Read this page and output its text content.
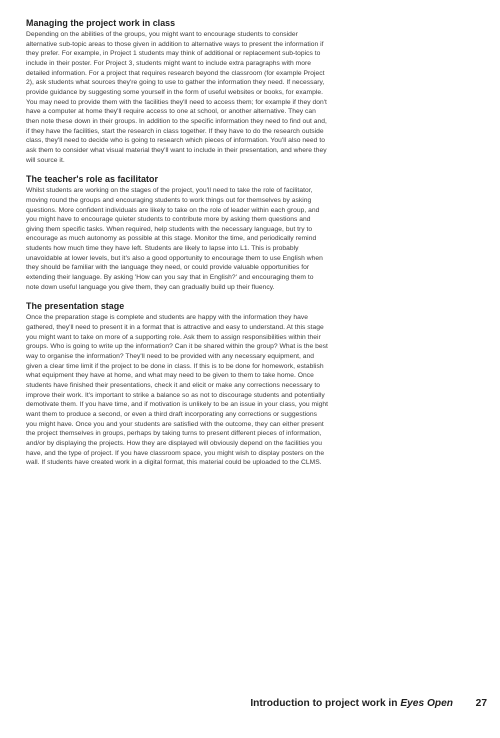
Managing the project work in class

Depending on the abilities of the groups, you might want to encourage students to consider alternative sub-topic areas to those given in addition to alternative ways to present the information if they prefer. For example, in Project 1 students may think of additional or replacement sub-topics to include in their poster. For Project 3, students might want to include extra paragraphs with more detailed information. For a project that requires research beyond the classroom (for example Project 2), ask students what sources they're going to use to gather the information they need. If necessary, provide guidance by suggesting some yourself in the form of useful websites or books, for example. You may need to provide them with the facilities they'll need to access them; for example if they don't have a computer at home they'll require access to one at school, or another alternative. They can then note these down in their groups. In addition to the specific information they need to find out and, if they have the facilities, start the research in class together. If they have to do the research outside class, they'll need to decide who is going to research which pieces of information. You'll also need to ask them to consider what visual material they'll want to include in their presentation, and where they will source it.

The teacher's role as facilitator

Whilst students are working on the stages of the project, you'll need to take the role of facilitator, moving round the groups and encouraging students to work things out for themselves by asking questions. More confident individuals are likely to take on the role of leader within each group, and you might have to encourage quieter students to contribute more by asking them questions and giving them specific tasks. When required, help students with the necessary language, but try to encourage as much autonomy as possible at this stage. Monitor the time, and periodically remind students how much time they have left. Students are likely to lapse into L1. This is probably unavoidable at lower levels, but it's also a good opportunity to encourage them to use English when they should be familiar with the language they need, or could provide valuable opportunities for extending their language. By asking 'How can you say that in English?' and encouraging them to note down useful language you give them, they can gradually build up their fluency.

The presentation stage

Once the preparation stage is complete and students are happy with the information they have gathered, they'll need to present it in a format that is attractive and easy to understand. At this stage you might want to take on more of a supporting role. Ask them to assign responsibilities within their groups. Who is going to write up the information? Can it be shared within the group? What is the best way to organise the information? They'll need to be provided with any necessary equipment, and given a clear time limit if the project to be done in class. If this is to be done for homework, establish what equipment they have at home, and what may need to be given to them to take home. Once students have finished their presentations, check it and elicit or make any corrections necessary to improve their work. It's important to strike a balance so as not to discourage students and potentially demotivate them. If you have time, and if motivation is unlikely to be an issue in your class, you might want them to produce a second, or even a third draft incorporating any corrections or suggestions you might have. Once you and your students are satisfied with the outcome, they can either present the project themselves in groups, perhaps by taking turns to present different pieces of information, and/or by displaying the projects. How they are displayed will obviously depend on the facilities you have, and the type of project. If you have classroom space, you might wish to display posters on the wall. If students have created work in a digital format, this material could be uploaded to the CLMS.

Introduction to project work in Eyes Open 27
